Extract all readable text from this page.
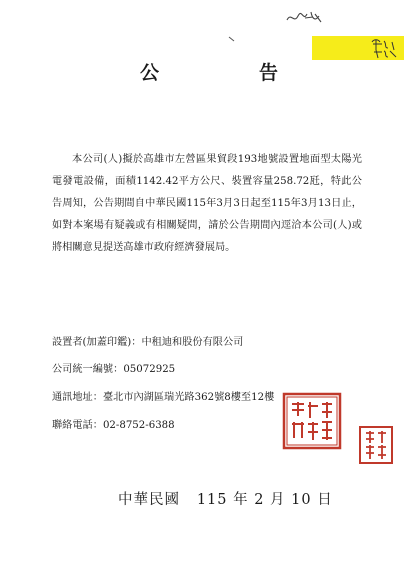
公	告
本公司(人)擬於高雄市左營區果貿段193地號設置地面型太陽光電發電設備，面積1142.42平方公尺、裝置容量258.72瓩，特此公告周知，公告期間自中華民國115年3月3日起至115年3月13日止，如對本案場有疑義或有相關疑問，請於公告期間內逕洽本公司(人)或將相關意見提送高雄市政府經濟發展局。
設置者(加蓋印鑑)：中租迪和股份有限公司
公司統一編號：05072925
通訊地址：臺北市內湖區瑞光路362號8樓至12樓
聯絡電話：02-8752-6388
中華民國   115 年 2 月 10 日
